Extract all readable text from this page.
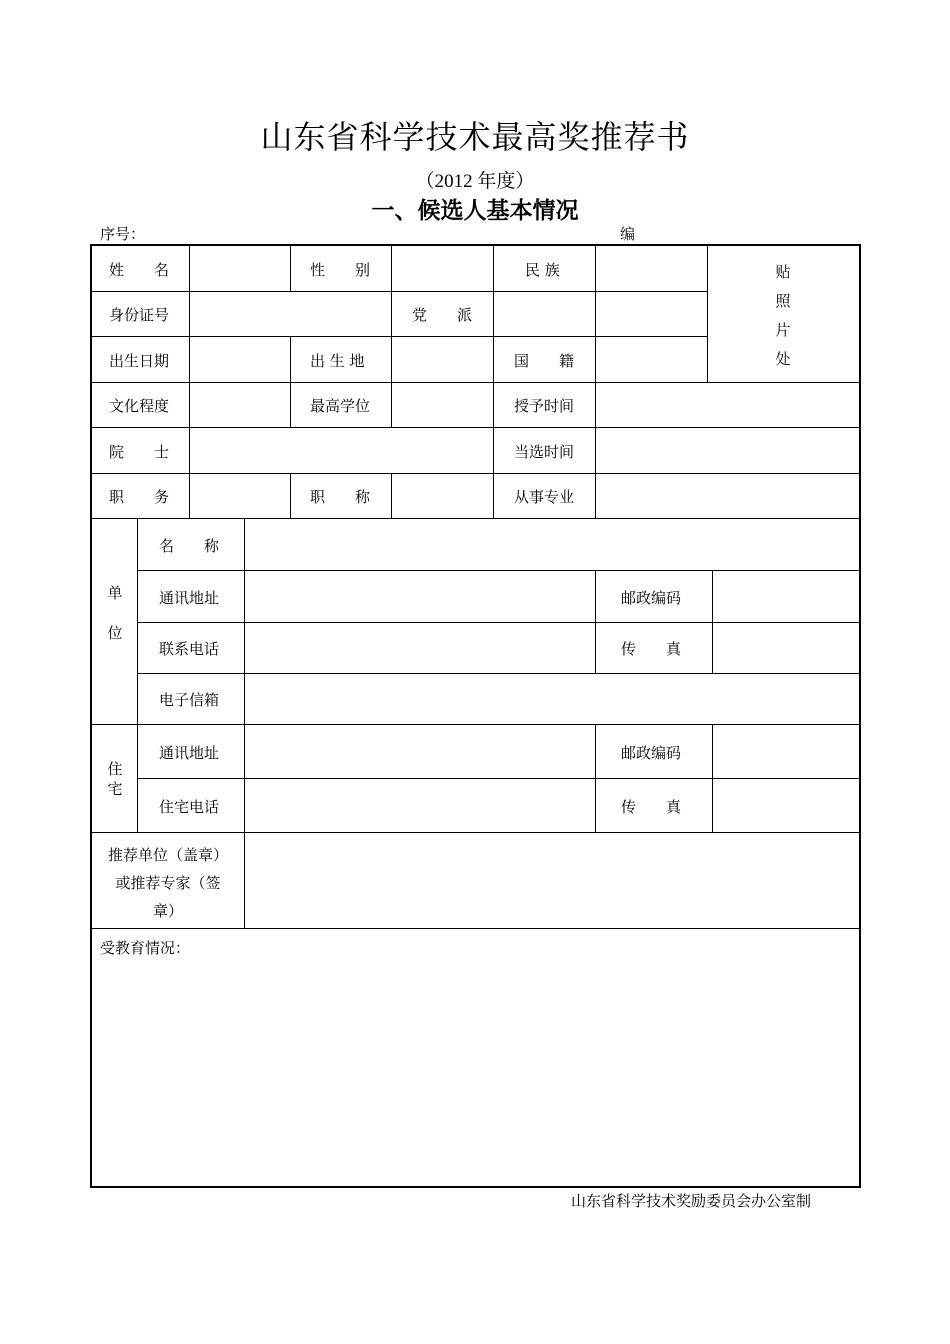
山东省科学技术最高奖推荐书
（2012 年度）
一、候选人基本情况
序号：	编
姓　　名	性　　别	民 族	贴
照
片
处
身份证号	党　　派
出生日期	出 生 地	国　　籍
文化程度	最高学位	授予时间
院　　士	当选时间
职　　务	职　　称	从事专业
单

位
名　　称
通讯地址	邮政编码
联系电话	传　　真
电子信箱
住
宅
通讯地址	邮政编码
住宅电话	传　　真
推荐单位（盖章）
或推荐专家（签
章）
受教育情况：
山东省科学技术奖励委员会办公室制
